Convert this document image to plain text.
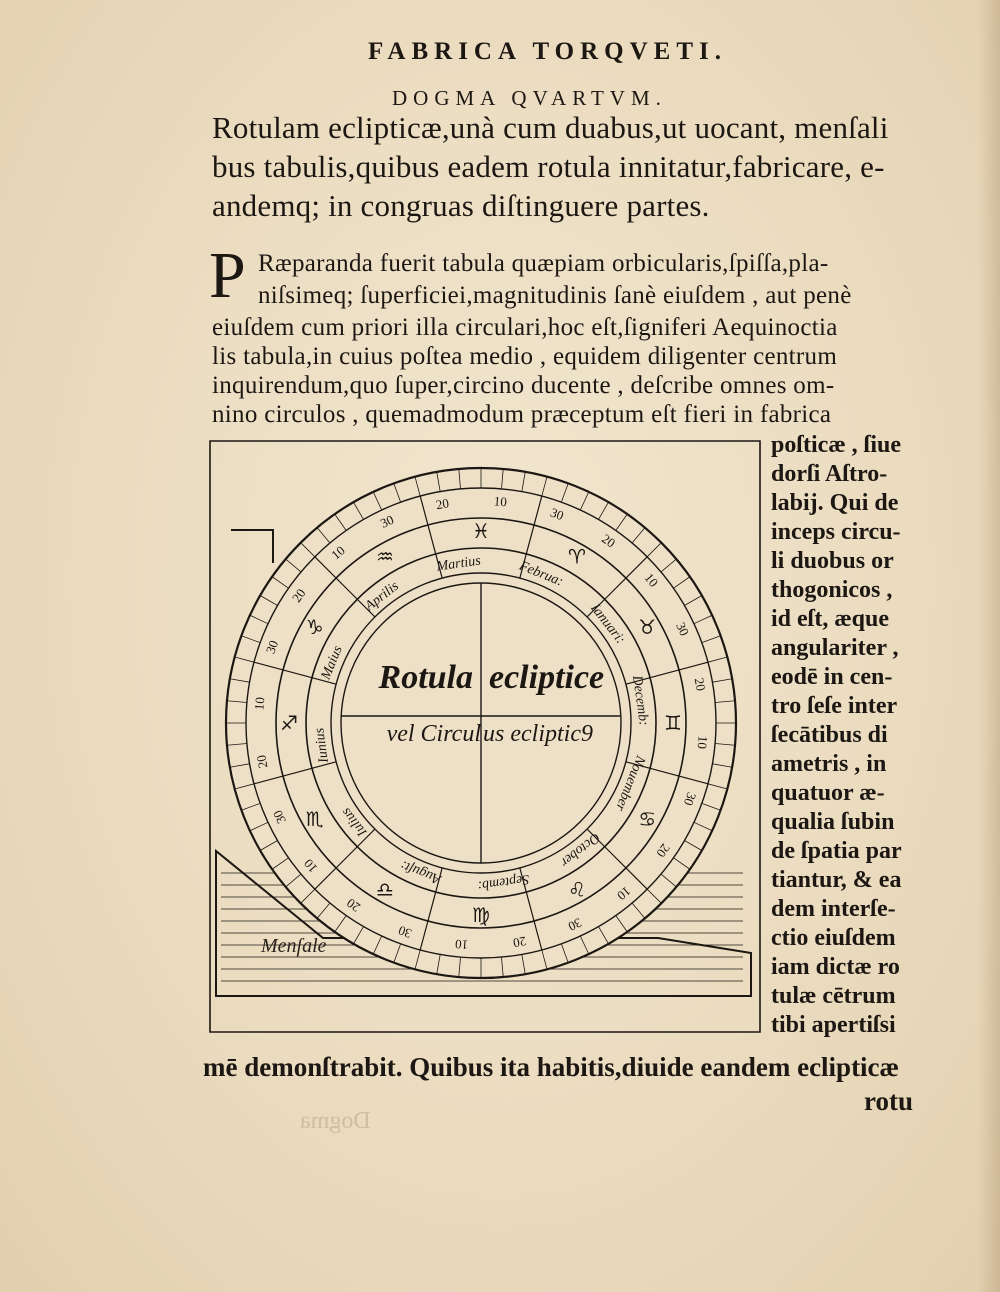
FABRICA TORQVETI.
DOGMA QVARTVM.
Rotulam eclipticæ,unà cum duabus,ut uocant, menſali
bus tabulis,quibus eadem rotula innitatur,fabricare, e-
andemq; in congruas diſtinguere partes.
P Ræparanda fuerit tabula quæpiam orbicularis,ſpiſſa,pla-
niſsimeq; ſuperficiei,magnitudinis ſanè eiuſdem , aut penè
eiuſdem cum priori illa circulari,hoc eſt,ſigniferi Aequinoctia
lis tabula,in cuius poſtea medio , equidem diligenter centrum
inquirendum,quo ſuper,circino ducente , deſcribe omnes om-
nino circulos , quemadmodum præceptum eſt fieri in fabrica
poſticæ , ſiue
dorſi Aſtro-
labij. Qui de
inceps circu-
li duobus or
thogonicos ,
id eſt, æque
angulariter ,
eodē in cen-
tro ſeſe inter
ſecātibus di
ametris , in
quatuor æ-
qualia ſubin
de ſpatia par
tiantur, & ea
dem interſe-
ctio eiuſdem
iam dictæ ro
tulæ cētrum
tibi apertiſsi
10
30
20
10
30
20
10
30
20
10
30
20
10
30
20
10
30
20
10
30
20
10
30
20
♈
♉
♊
♋
♌
♍
♎
♏
♐
♑
♒
♓
Martius	Februa:
Ianuari:
Decemb:
Nouember
October
Septemb:
Auguſt:
Iulius
Iunius
Maius
Aprilis
Rotula ecliptice
vel Circul us ecliptic9
Menſale
mē demonſtrabit. Quibus ita habitis,diuide eandem eclipticæ
rotu
Dogma
